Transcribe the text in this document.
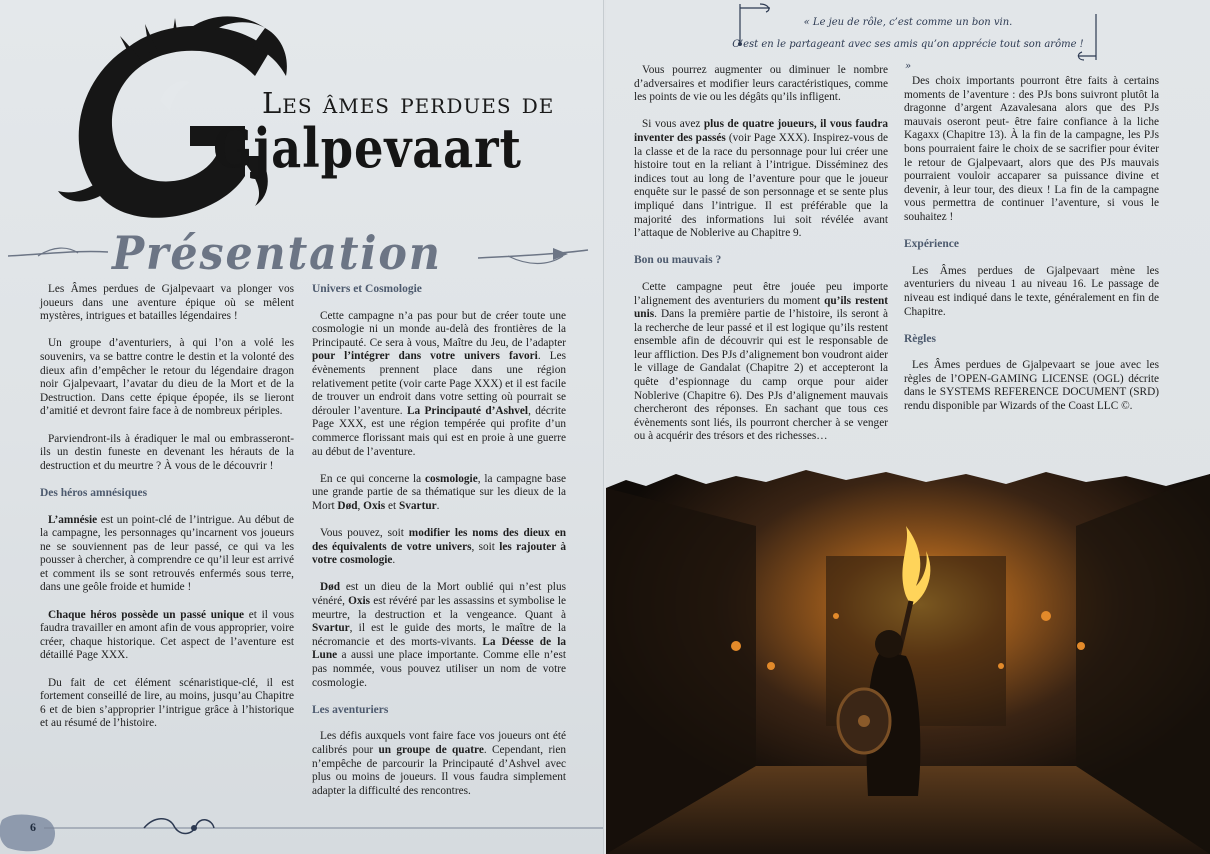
Les âmes perdues de
Gjalpevaart
Présentation

Les Âmes perdues de Gjalpevaart va plonger vos joueurs dans une aventure épique où se mêlent mystères, intrigues et batailles légendaires !

Un groupe d’aventuriers, à qui l’on a volé les souvenirs, va se battre contre le destin et la volonté des dieux afin d’empêcher le retour du légendaire dragon noir Gjalpevaart, l’avatar du dieu de la Mort et de la Destruction. Dans cette épique épopée, ils se lieront d’amitié et devront faire face à de nombreux périples.

Parviendront-ils à éradiquer le mal ou embrasseront-ils un destin funeste en devenant les hérauts de la destruction et du meurtre ? À vous de le découvrir !

Des héros amnésiques

L’amnésie est un point-clé de l’intrigue. Au début de la campagne, les personnages qu’incarnent vos joueurs ne se souviennent pas de leur passé, ce qui va les pousser à chercher, à comprendre ce qu’il leur est arrivé et comment ils se sont retrouvés enfermés sous terre, dans une geôle froide et humide !

Chaque héros possède un passé unique et il vous faudra travailler en amont afin de vous approprier, voire créer, chaque historique. Cet aspect de l’aventure est détaillé Page XXX.

Du fait de cet élément scénaristique-clé, il est fortement conseillé de lire, au moins, jusqu’au Chapitre 6 et de bien s’approprier l’intrigue grâce à l’historique et au résumé de l’histoire.

Univers et Cosmologie

Cette campagne n’a pas pour but de créer toute une cosmologie ni un monde au-delà des frontières de la Principauté. Ce sera à vous, Maître du Jeu, de l’adapter pour l’intégrer dans votre univers favori. Les évènements prennent place dans une région relativement petite (voir carte Page XXX) et il est facile de trouver un endroit dans votre setting où pourrait se dérouler l’aventure. La Principauté d’Ashvel, décrite Page XXX, est une région tempérée qui profite d’un commerce florissant mais qui est en proie à une guerre au début de l’aventure.

En ce qui concerne la cosmologie, la campagne base une grande partie de sa thématique sur les dieux de la Mort Død, Oxis et Svartur.

Vous pouvez, soit modifier les noms des dieux en des équivalents de votre univers, soit les rajouter à votre cosmologie.

Død est un dieu de la Mort oublié qui n’est plus vénéré, Oxis est révéré par les assassins et symbolise le meurtre, la destruction et la vengeance. Quant à Svartur, il est le guide des morts, le maître de la nécromancie et des morts-vivants. La Déesse de la Lune a aussi une place importante. Comme elle n’est pas nommée, vous pouvez utiliser un nom de votre cosmologie.

Les aventuriers

Les défis auxquels vont faire face vos joueurs ont été calibrés pour un groupe de quatre. Cependant, rien n’empêche de parcourir la Principauté d’Ashvel avec plus ou moins de joueurs. Il vous faudra simplement adapter la difficulté des rencontres.

6
« Le jeu de rôle, c’est comme un bon vin.
C’est en le partageant avec ses amis qu’on apprécie tout son arôme ! »

Vous pourrez augmenter ou diminuer le nombre d’adversaires et modifier leurs caractéristiques, comme les points de vie ou les dégâts qu’ils infligent.

Si vous avez plus de quatre joueurs, il vous faudra inventer des passés (voir Page XXX). Inspirez-vous de la classe et de la race du personnage pour lui créer une histoire tout en la reliant à l’intrigue. Disséminez des indices tout au long de l’aventure pour que le joueur enquête sur le passé de son personnage et se sente plus impliqué dans l’intrigue. Il est préférable que la majorité des informations lui soit révélée avant l’attaque de Noblerive au Chapitre 9.

Bon ou mauvais ?

Cette campagne peut être jouée peu importe l’alignement des aventuriers du moment qu’ils restent unis. Dans la première partie de l’histoire, ils seront à la recherche de leur passé et il est logique qu’ils restent ensemble afin de découvrir qui est le responsable de leur affliction. Des PJs d’alignement bon voudront aider le village de Gandalat (Chapitre 2) et accepteront la quête d’espionnage du camp orque pour aider Noblerive (Chapitre 6). Des PJs d’alignement mauvais chercheront des réponses. En sachant que tous ces évènements sont liés, ils pourront chercher à se venger ou à acquérir des trésors et des richesses…

Des choix importants pourront être faits à certains moments de l’aventure : des PJs bons suivront plutôt la dragonne d’argent Azavalesana alors que des PJs mauvais oseront peut- être faire confiance à la liche Kagaxx (Chapitre 13). À la fin de la campagne, les PJs bons pourraient faire le choix de se sacrifier pour éviter le retour de Gjalpevaart, alors que des PJs mauvais pourraient vouloir accaparer sa puissance divine et devenir, à leur tour, des dieux ! La fin de la campagne vous permettra de continuer l’aventure, si vous le souhaitez !

Expérience

Les Âmes perdues de Gjalpevaart mène les aventuriers du niveau 1 au niveau 16. Le passage de niveau est indiqué dans le texte, généralement en fin de Chapitre.

Règles

Les Âmes perdues de Gjalpevaart se joue avec les règles de l’OPEN-GAMING LICENSE (OGL) décrite dans le SYSTEMS REFERENCE DOCUMENT (SRD) rendu disponible par Wizards of the Coast LLC ©.
